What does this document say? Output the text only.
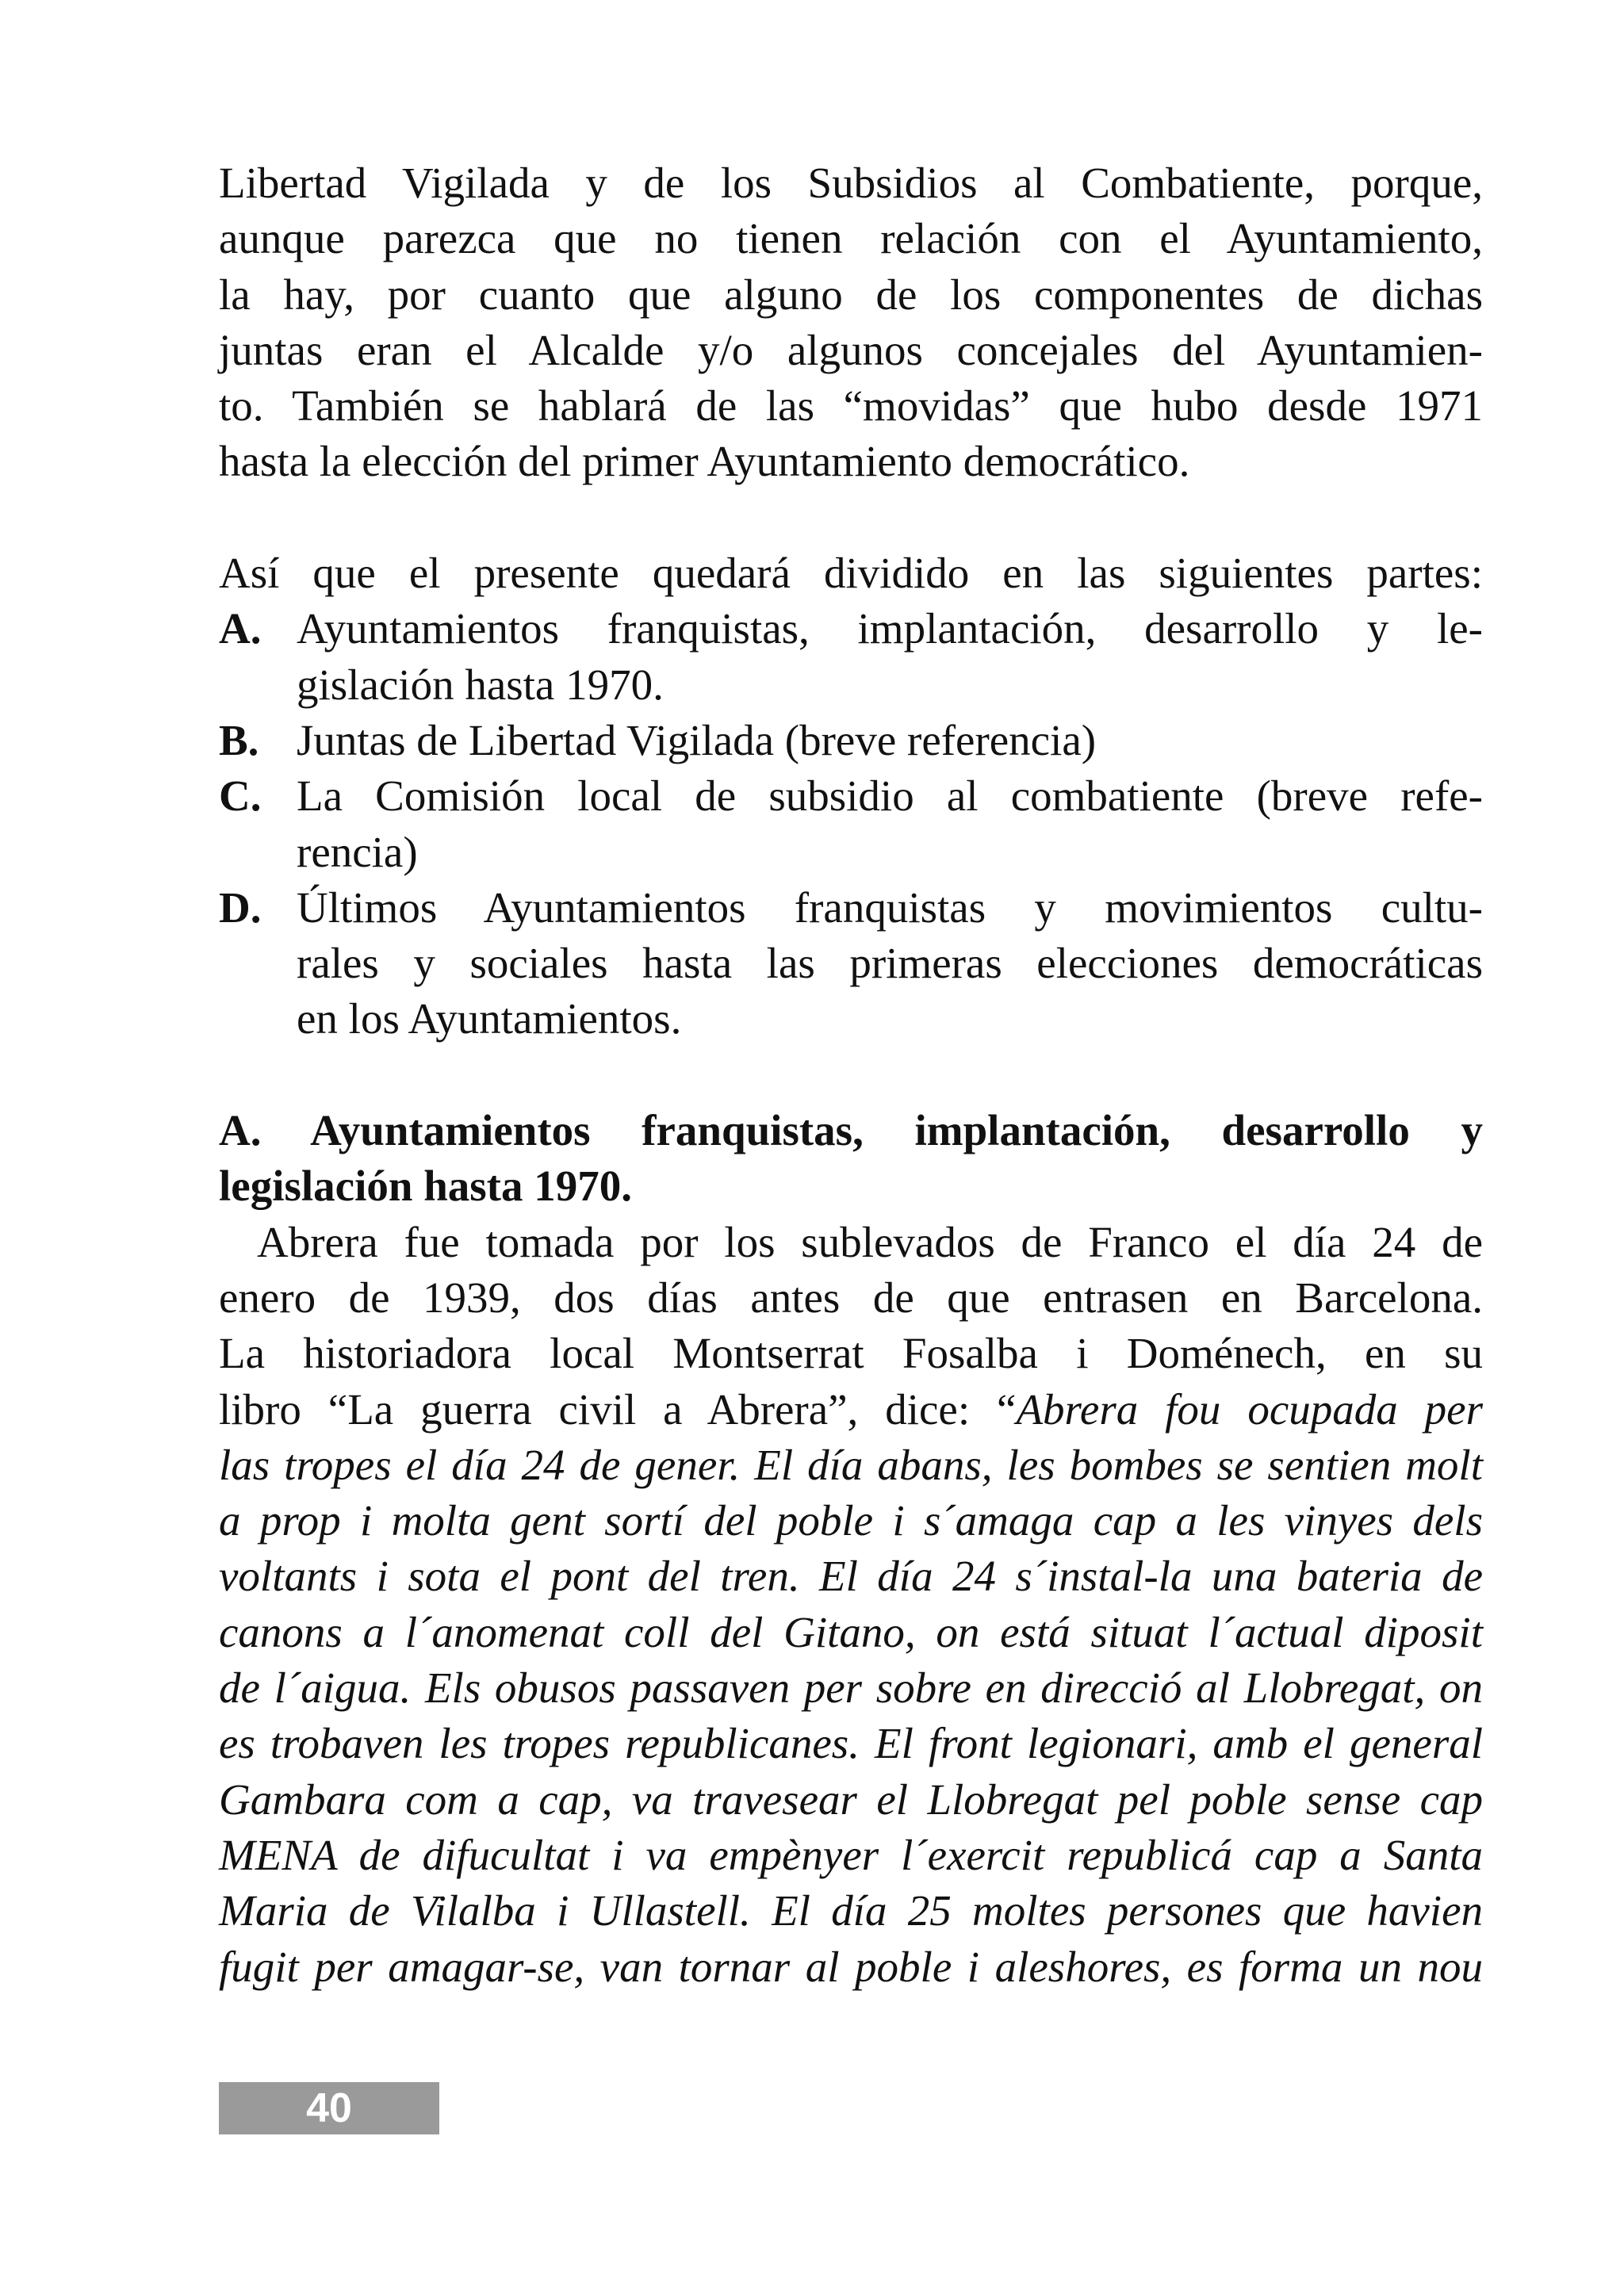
Libertad Vigilada y de los Subsidios al Combatiente, porque,
aunque parezca que no tienen relación con el Ayuntamiento,
la hay, por cuanto que alguno de los componentes de dichas
juntas eran el Alcalde y/o algunos concejales del Ayuntamien-
to. También se hablará de las “movidas” que hubo desde 1971
hasta la elección del primer Ayuntamiento democrático.
Así que el presente quedará dividido en las siguientes partes:
A. Ayuntamientos franquistas, implantación, desarrollo y le-
gislación hasta 1970.
B. Juntas de Libertad Vigilada (breve referencia)
C. La Comisión local de subsidio al combatiente (breve refe-
rencia)
D. Últimos Ayuntamientos franquistas y movimientos cultu-
rales y sociales hasta las primeras elecciones democráticas
en los Ayuntamientos.
A. Ayuntamientos franquistas, implantación, desarrollo y
legislación hasta 1970.
Abrera fue tomada por los sublevados de Franco el día 24 de
enero de 1939, dos días antes de que entrasen en Barcelona.
La historiadora local Montserrat Fosalba i Doménech, en su
libro “La guerra civil a Abrera”, dice: “Abrera fou ocupada per
las tropes el día 24 de gener. El día abans, les bombes se sentien molt
a prop i molta gent sortí del poble i s´amaga cap a les vinyes dels
voltants i sota el pont del tren. El día 24 s´instal-la una bateria de
canons a l´anomenat coll del Gitano, on está situat l´actual diposit
de l´aigua. Els obusos passaven per sobre en direcció al Llobregat, on
es trobaven les tropes republicanes. El front legionari, amb el general
Gambara com a cap, va travesear el Llobregat pel poble sense cap
MENA de difucultat i va empènyer l´exercit republicá cap a Santa
Maria de Vilalba i Ullastell. El día 25 moltes persones que havien
fugit per amagar-se, van tornar al poble i aleshores, es forma un nou
40
